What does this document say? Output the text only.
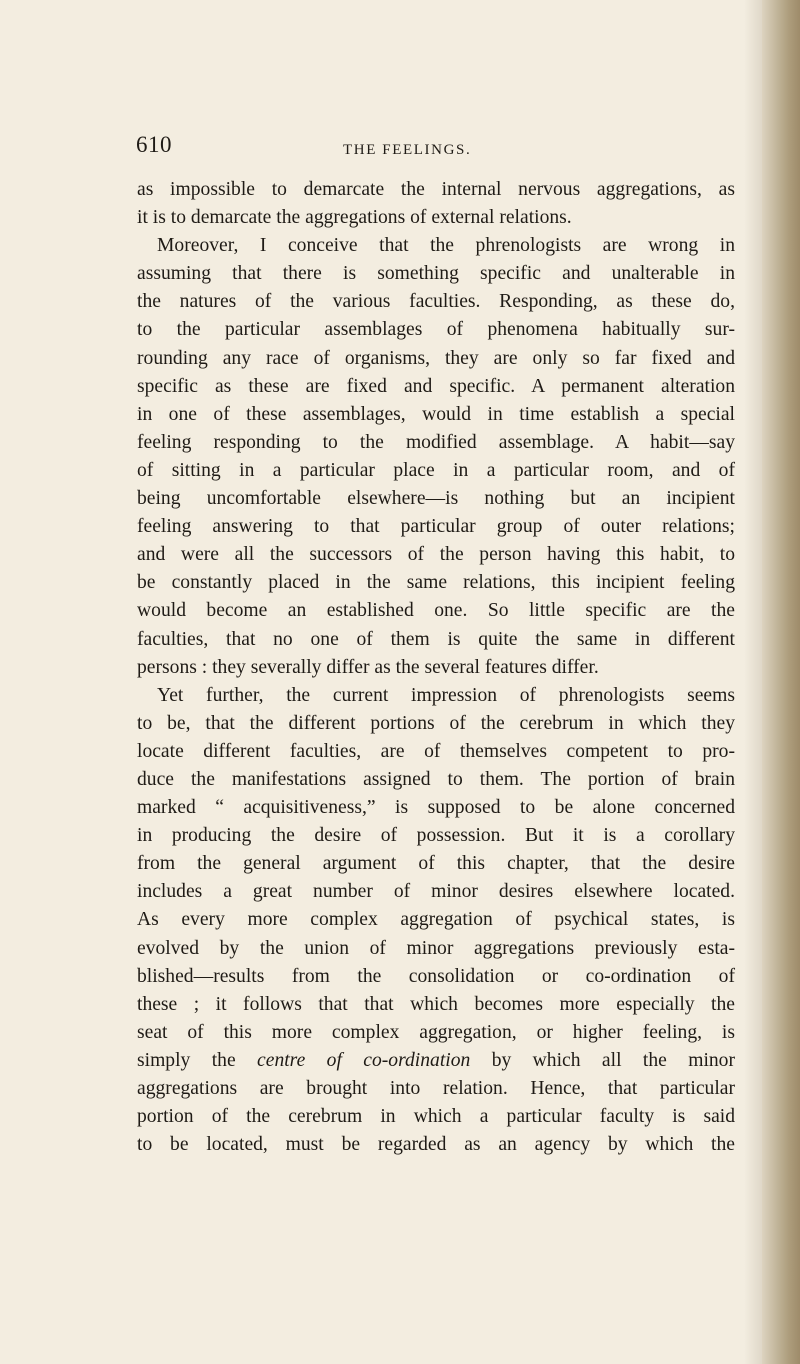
610	THE FEELINGS.
as impossible to demarcate the internal nervous aggregations, as
it is to demarcate the aggregations of external relations.
Moreover, I conceive that the phrenologists are wrong in
assuming that there is something specific and unalterable in
the natures of the various faculties. Responding, as these do,
to the particular assemblages of phenomena habitually sur-
rounding any race of organisms, they are only so far fixed and
specific as these are fixed and specific. A permanent alteration
in one of these assemblages, would in time establish a special
feeling responding to the modified assemblage. A habit—say
of sitting in a particular place in a particular room, and of
being uncomfortable elsewhere—is nothing but an incipient
feeling answering to that particular group of outer relations;
and were all the successors of the person having this habit, to
be constantly placed in the same relations, this incipient feeling
would become an established one. So little specific are the
faculties, that no one of them is quite the same in different
persons : they severally differ as the several features differ.
Yet further, the current impression of phrenologists seems
to be, that the different portions of the cerebrum in which they
locate different faculties, are of themselves competent to pro-
duce the manifestations assigned to them. The portion of brain
marked “ acquisitiveness,” is supposed to be alone concerned
in producing the desire of possession. But it is a corollary
from the general argument of this chapter, that the desire
includes a great number of minor desires elsewhere located.
As every more complex aggregation of psychical states, is
evolved by the union of minor aggregations previously esta-
blished—results from the consolidation or co-ordination of
these ; it follows that that which becomes more especially the
seat of this more complex aggregation, or higher feeling, is
simply the centre of co-ordination by which all the minor
aggregations are brought into relation. Hence, that particular
portion of the cerebrum in which a particular faculty is said
to be located, must be regarded as an agency by which the
